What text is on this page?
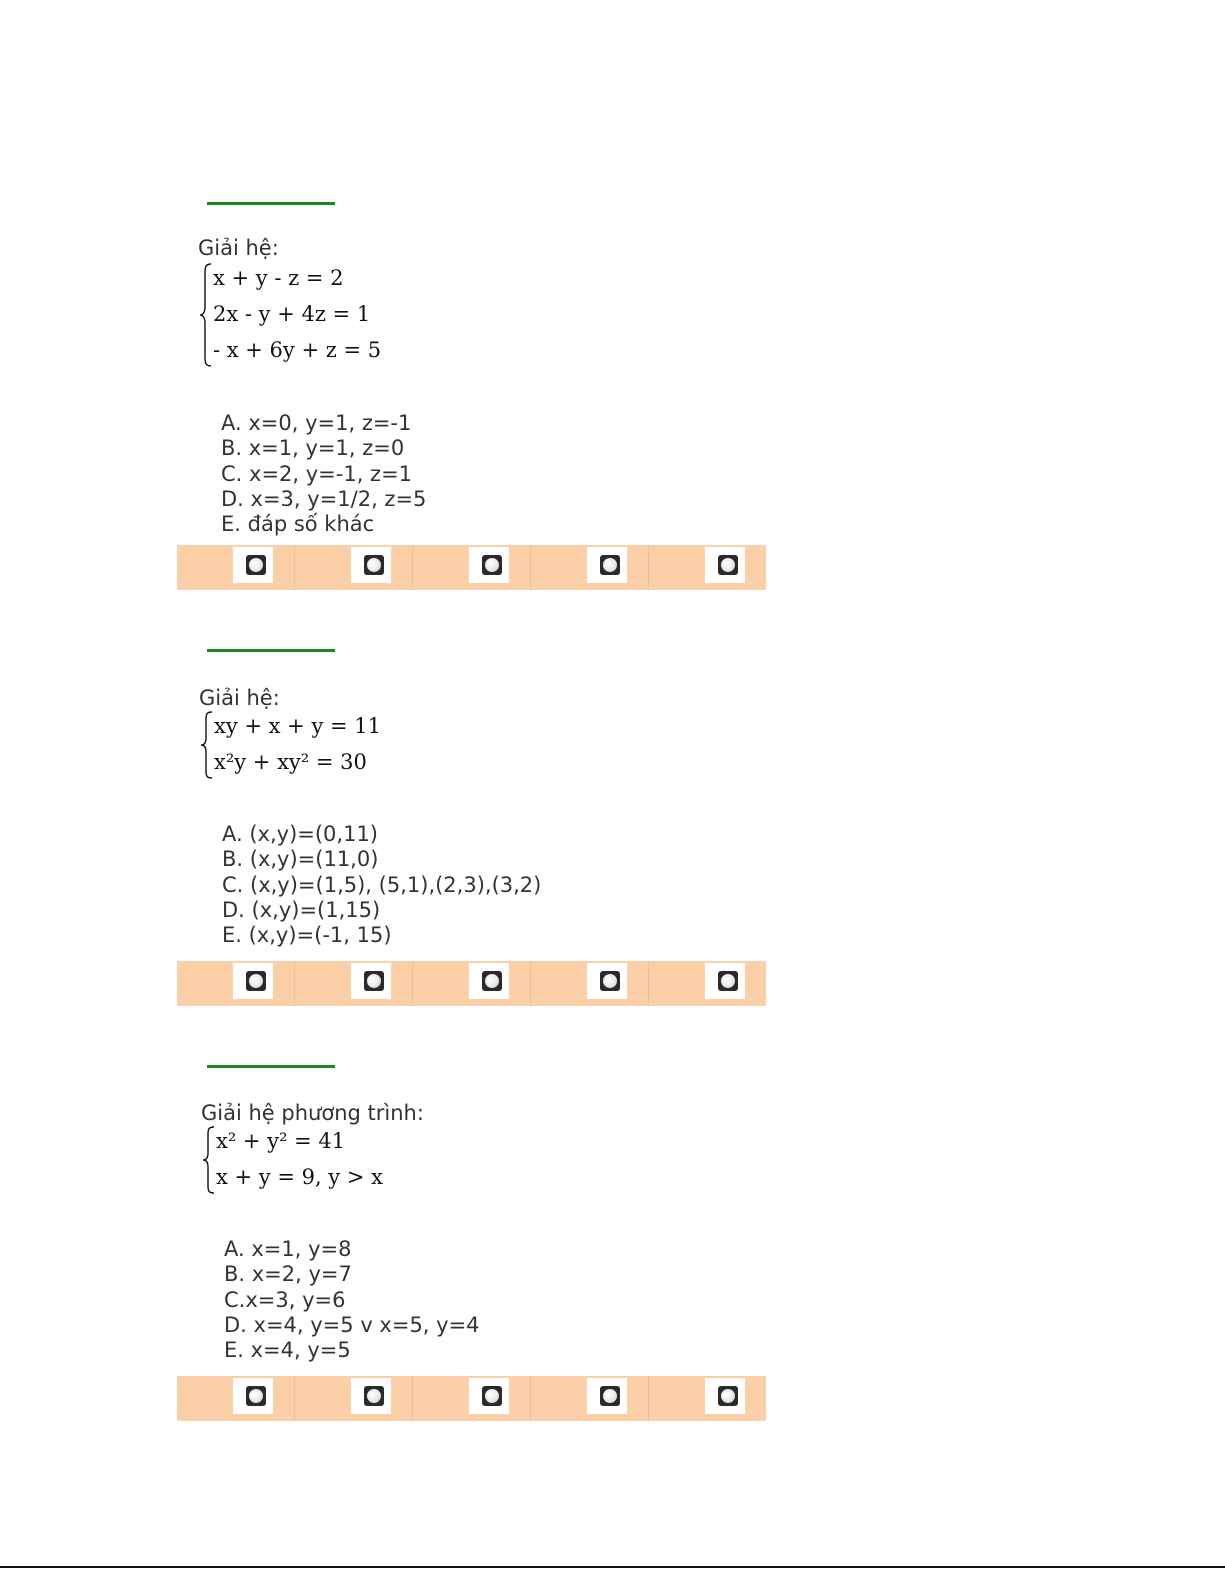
Giải hệ:
x + y - z = 2
2x - y + 4z = 1
- x + 6y + z = 5
A. x=0, y=1, z=-1
B. x=1, y=1, z=0
C. x=2, y=-1, z=1
D. x=3, y=1/2, z=5
E. đáp số khác
Giải hệ:
xy + x + y = 11
x²y + xy² = 30
A. (x,y)=(0,11)
B. (x,y)=(11,0)
C. (x,y)=(1,5), (5,1),(2,3),(3,2)
D. (x,y)=(1,15)
E. (x,y)=(-1, 15)
Giải hệ phương trình:
x² + y² = 41
x + y = 9, y > x
A. x=1, y=8
B. x=2, y=7
C.x=3, y=6
D. x=4, y=5 v x=5, y=4
E. x=4, y=5
